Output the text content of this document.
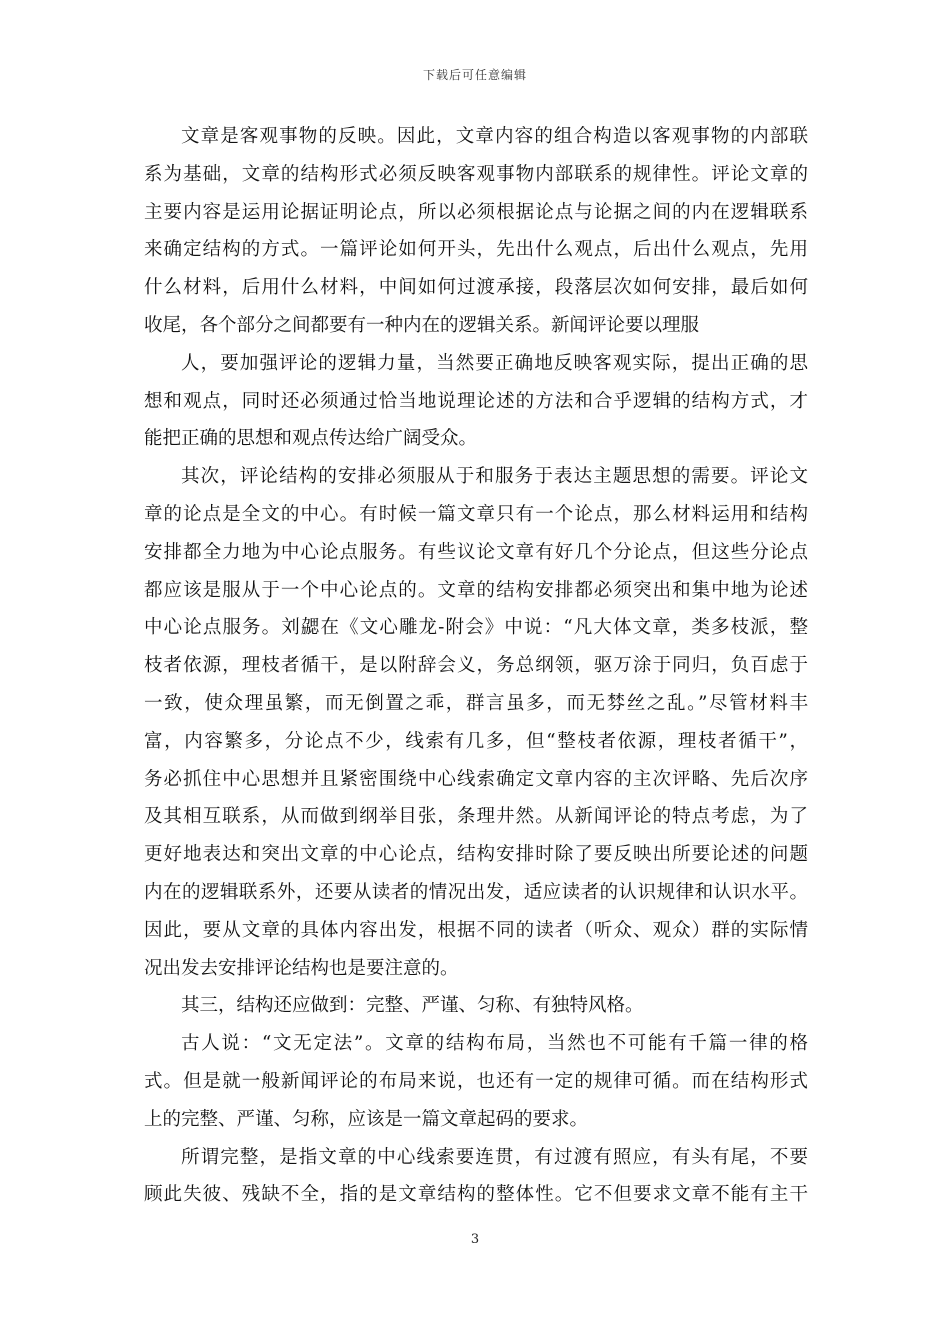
下载后可任意编辑
文章是客观事物的反映。因此，文章内容的组合构造以客观事物的内部联
系为基础，文章的结构形式必须反映客观事物内部联系的规律性。评论文章的
主要内容是运用论据证明论点，所以必须根据论点与论据之间的内在逻辑联系
来确定结构的方式。一篇评论如何开头，先出什么观点，后出什么观点，先用
什么材料，后用什么材料，中间如何过渡承接，段落层次如何安排，最后如何
收尾，各个部分之间都要有一种内在的逻辑关系。新闻评论要以理服
人，要加强评论的逻辑力量，当然要正确地反映客观实际，提出正确的思
想和观点，同时还必须通过恰当地说理论述的方法和合乎逻辑的结构方式，才
能把正确的思想和观点传达给广阔受众。
其次，评论结构的安排必须服从于和服务于表达主题思想的需要。评论文
章的论点是全文的中心。有时候一篇文章只有一个论点，那么材料运用和结构
安排都全力地为中心论点服务。有些议论文章有好几个分论点，但这些分论点
都应该是服从于一个中心论点的。文章的结构安排都必须突出和集中地为论述
中心论点服务。刘勰在《文心雕龙-附会》中说：“凡大体文章，类多枝派，整
枝者依源，理枝者循干，是以附辞会义，务总纲领，驱万涂于同归，负百虑于
一致，使众理虽繁，而无倒置之乖，群言虽多，而无棼丝之乱。”尽管材料丰
富，内容繁多，分论点不少，线索有几多，但“整枝者依源，理枝者循干”，
务必抓住中心思想并且紧密围绕中心线索确定文章内容的主次评略、先后次序
及其相互联系，从而做到纲举目张，条理井然。从新闻评论的特点考虑，为了
更好地表达和突出文章的中心论点，结构安排时除了要反映出所要论述的问题
内在的逻辑联系外，还要从读者的情况出发，适应读者的认识规律和认识水平。
因此，要从文章的具体内容出发，根据不同的读者（听众、观众）群的实际情
况出发去安排评论结构也是要注意的。
其三，结构还应做到：完整、严谨、匀称、有独特风格。
古人说：“文无定法”。文章的结构布局，当然也不可能有千篇一律的格
式。但是就一般新闻评论的布局来说，也还有一定的规律可循。而在结构形式
上的完整、严谨、匀称，应该是一篇文章起码的要求。
所谓完整，是指文章的中心线索要连贯，有过渡有照应，有头有尾，不要
顾此失彼、残缺不全，指的是文章结构的整体性。它不但要求文章不能有主干
3
